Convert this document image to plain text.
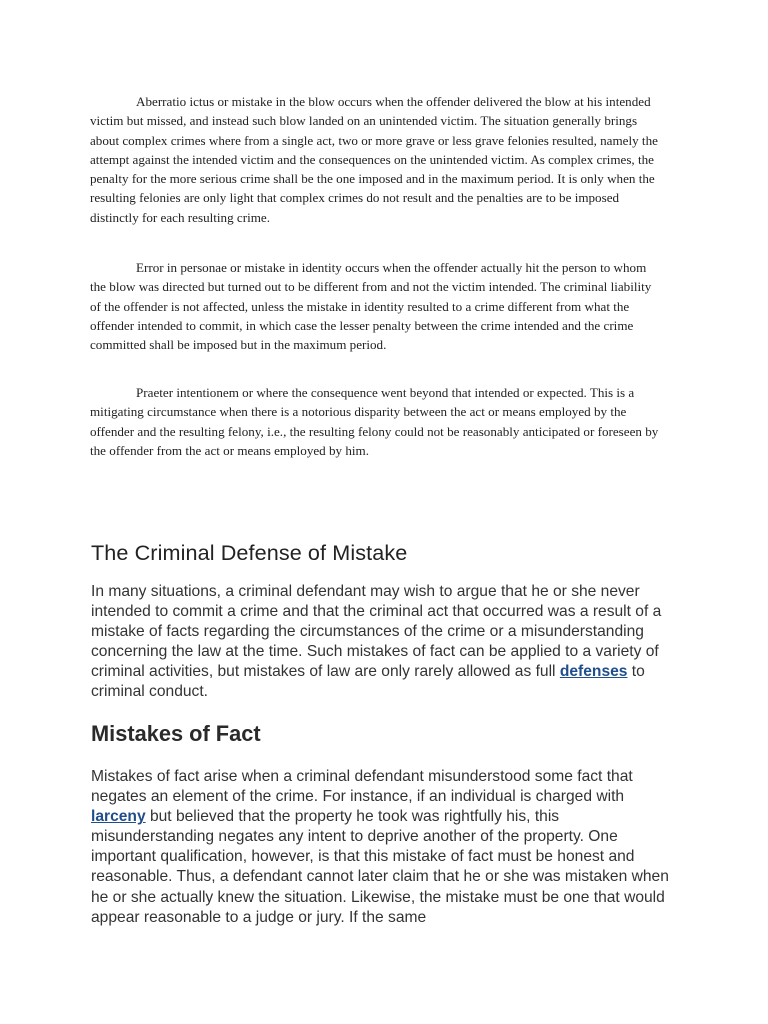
Aberratio ictus or mistake in the blow occurs when the offender delivered the blow at his intended victim but missed, and instead such blow landed on an unintended victim. The situation generally brings about complex crimes where from a single act, two or more grave or less grave felonies resulted, namely the attempt against the intended victim and the consequences on the unintended victim. As complex crimes, the penalty for the more serious crime shall be the one imposed and in the maximum period. It is only when the resulting felonies are only light that complex crimes do not result and the penalties are to be imposed distinctly for each resulting crime.

Error in personae or mistake in identity occurs when the offender actually hit the person to whom the blow was directed but turned out to be different from and not the victim intended. The criminal liability of the offender is not affected, unless the mistake in identity resulted to a crime different from what the offender intended to commit, in which case the lesser penalty between the crime intended and the crime committed shall be imposed but in the maximum period.

Praeter intentionem or where the consequence went beyond that intended or expected. This is a mitigating circumstance when there is a notorious disparity between the act or means employed by the offender and the resulting felony, i.e., the resulting felony could not be reasonably anticipated or foreseen by the offender from the act or means employed by him.

The Criminal Defense of Mistake

In many situations, a criminal defendant may wish to argue that he or she never intended to commit a crime and that the criminal act that occurred was a result of a mistake of facts regarding the circumstances of the crime or a misunderstanding concerning the law at the time. Such mistakes of fact can be applied to a variety of criminal activities, but mistakes of law are only rarely allowed as full defenses to criminal conduct.

Mistakes of Fact

Mistakes of fact arise when a criminal defendant misunderstood some fact that negates an element of the crime. For instance, if an individual is charged with larceny but believed that the property he took was rightfully his, this misunderstanding negates any intent to deprive another of the property. One important qualification, however, is that this mistake of fact must be honest and reasonable. Thus, a defendant cannot later claim that he or she was mistaken when he or she actually knew the situation. Likewise, the mistake must be one that would appear reasonable to a judge or jury. If the same
